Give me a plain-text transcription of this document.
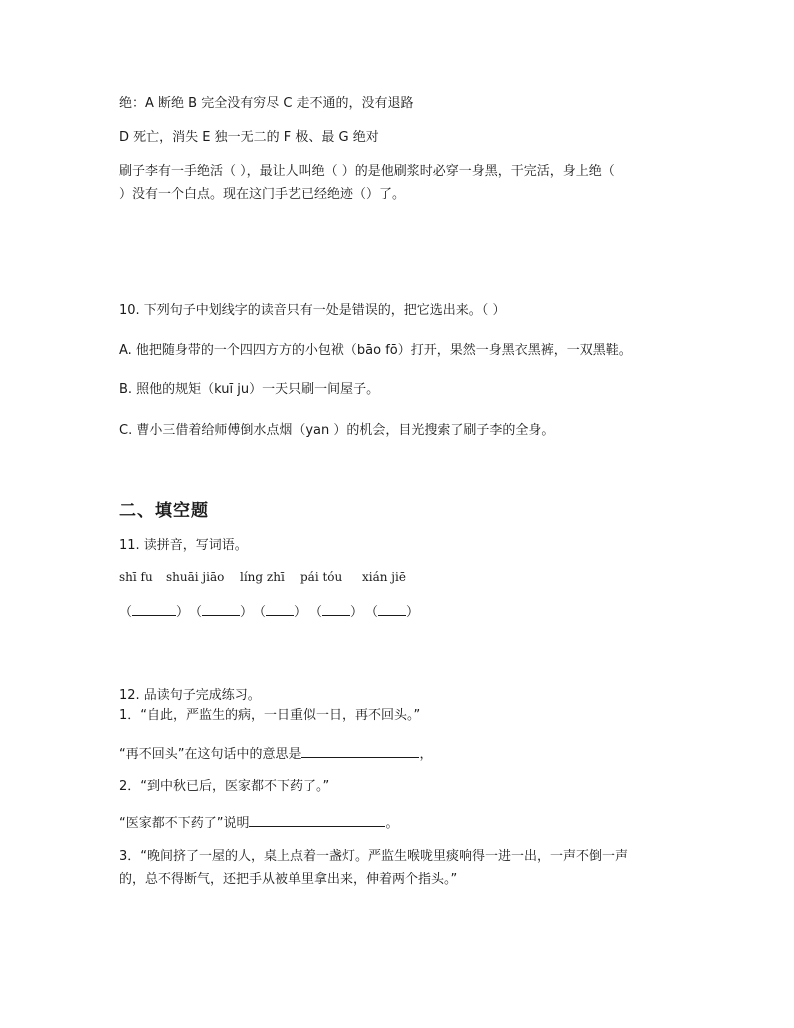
绝：A 断绝 B 完全没有穷尽 C 走不通的，没有退路
D 死亡，消失 E 独一无二的 F 极、最 G 绝对
刷子李有一手绝活（ ），最让人叫绝（ ）的是他刷浆时必穿一身黑，干完活，身上绝（
）没有一个白点。现在这门手艺已经绝迹（）了。
10. 下列句子中划线字的读音只有一处是错误的，把它选出来。（ ）
A. 他把随身带的一个四四方方的小包袱（bāo fō）打开，果然一身黑衣黑裤，一双黑鞋。
B. 照他的规矩（kuī ju）一天只刷一间屋子。
C. 曹小三借着给师傅倒水点烟（yan ）的机会，目光搜索了刷子李的全身。
二、填空题
11. 读拼音，写词语。
shī fu shuāi jiāo líng zhī pái tóu xián jiē
（	） （	） （ ） （ ） （ ）
12. 品读句子完成练习。
1．“自此，严监生的病，一日重似一日，再不回头。”
“再不回头”在这句话中的意思是	，
2．“到中秋已后，医家都不下药了。”
“医家都不下药了”说明	。
3．“晚间挤了一屋的人，桌上点着一盏灯。严监生喉咙里痰响得一进一出，一声不倒一声
的，总不得断气，还把手从被单里拿出来，伸着两个指头。”
